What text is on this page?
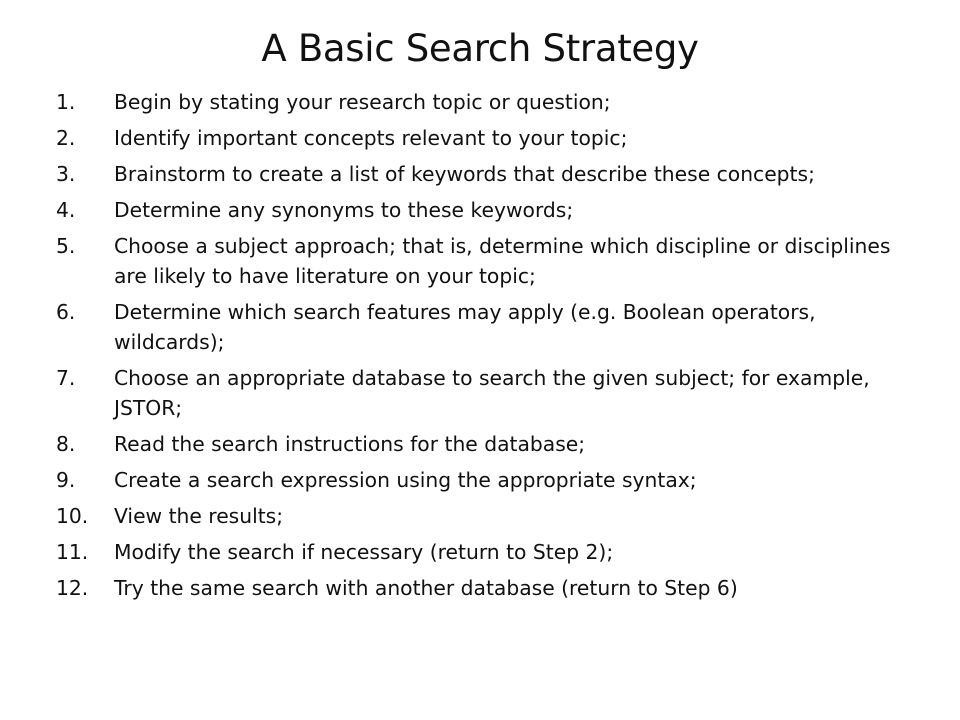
A Basic Search Strategy
1.	Begin by stating your research topic or question;
2.	Identify important concepts relevant to your topic;
3.	Brainstorm to create a list of keywords that describe these concepts;
4.	Determine any synonyms to these keywords;
5.	Choose a subject approach; that is, determine which discipline or disciplines are likely to have literature on your topic;
6.	Determine which search features may apply (e.g. Boolean operators, wildcards);
7.	Choose an appropriate database to search the given subject; for example, JSTOR;
8.	Read the search instructions for the database;
9.	Create a search expression using the appropriate syntax;
10.	View the results;
11.	Modify the search if necessary (return to Step 2);
12.	Try the same search with another database (return to Step 6)
